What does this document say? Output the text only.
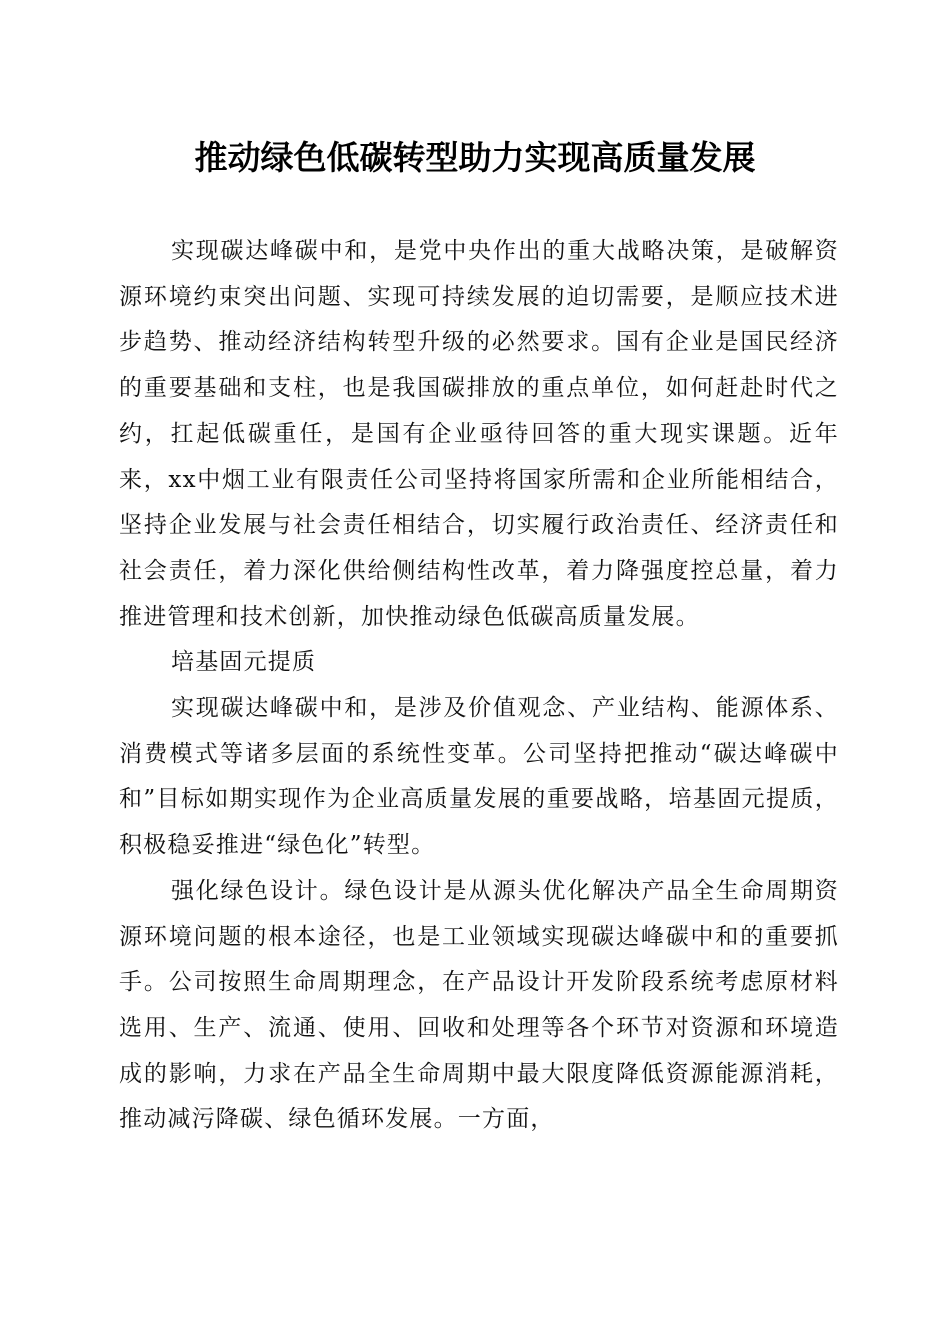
推动绿色低碳转型助力实现高质量发展

实现碳达峰碳中和，是党中央作出的重大战略决策，是破解资源环境约束突出问题、实现可持续发展的迫切需要，是顺应技术进步趋势、推动经济结构转型升级的必然要求。国有企业是国民经济的重要基础和支柱，也是我国碳排放的重点单位，如何赶赴时代之约，扛起低碳重任，是国有企业亟待回答的重大现实课题。近年来，xx中烟工业有限责任公司坚持将国家所需和企业所能相结合，坚持企业发展与社会责任相结合，切实履行政治责任、经济责任和社会责任，着力深化供给侧结构性改革，着力降强度控总量，着力推进管理和技术创新，加快推动绿色低碳高质量发展。

培基固元提质

实现碳达峰碳中和，是涉及价值观念、产业结构、能源体系、消费模式等诸多层面的系统性变革。公司坚持把推动“碳达峰碳中和”目标如期实现作为企业高质量发展的重要战略，培基固元提质，积极稳妥推进“绿色化”转型。

强化绿色设计。绿色设计是从源头优化解决产品全生命周期资源环境问题的根本途径，也是工业领域实现碳达峰碳中和的重要抓手。公司按照生命周期理念，在产品设计开发阶段系统考虑原材料选用、生产、流通、使用、回收和处理等各个环节对资源和环境造成的影响，力求在产品全生命周期中最大限度降低资源能源消耗，推动减污降碳、绿色循环发展。一方面，
